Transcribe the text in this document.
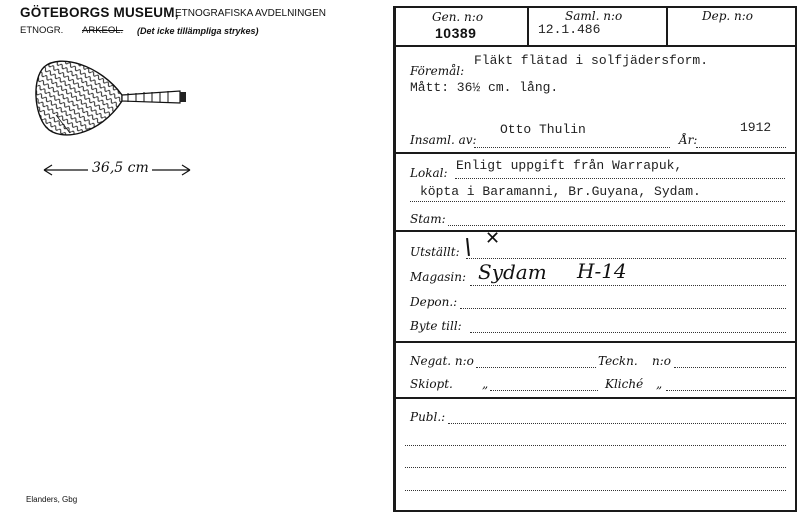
GÖTEBORGS MUSEUM,
ETNOGRAFISKA AVDELNINGEN
ETNOGR. ARKEOL. (Det icke tillämpliga strykes)
36,5 cm
Elanders, Gbg
Gen. n:o
10389
Saml. n:o
12.1.486
Dep. n:o
Föremål:
Fläkt flätad i solfjädersform.
Mått: 36½ cm. lång.
Insaml. av:
Otto Thulin
År:
1912
Lokal: Enligt uppgift från Warrapuk,
köpta i Baramanni, Br.Guyana, Sydam.
Stam:
Utställt:
✕
Magasin: Sydam H-14
Depon.:
Byte till:
Negat. n:o	Teckn. n:o
Skiopt. „	Kliché „
Publ.:
